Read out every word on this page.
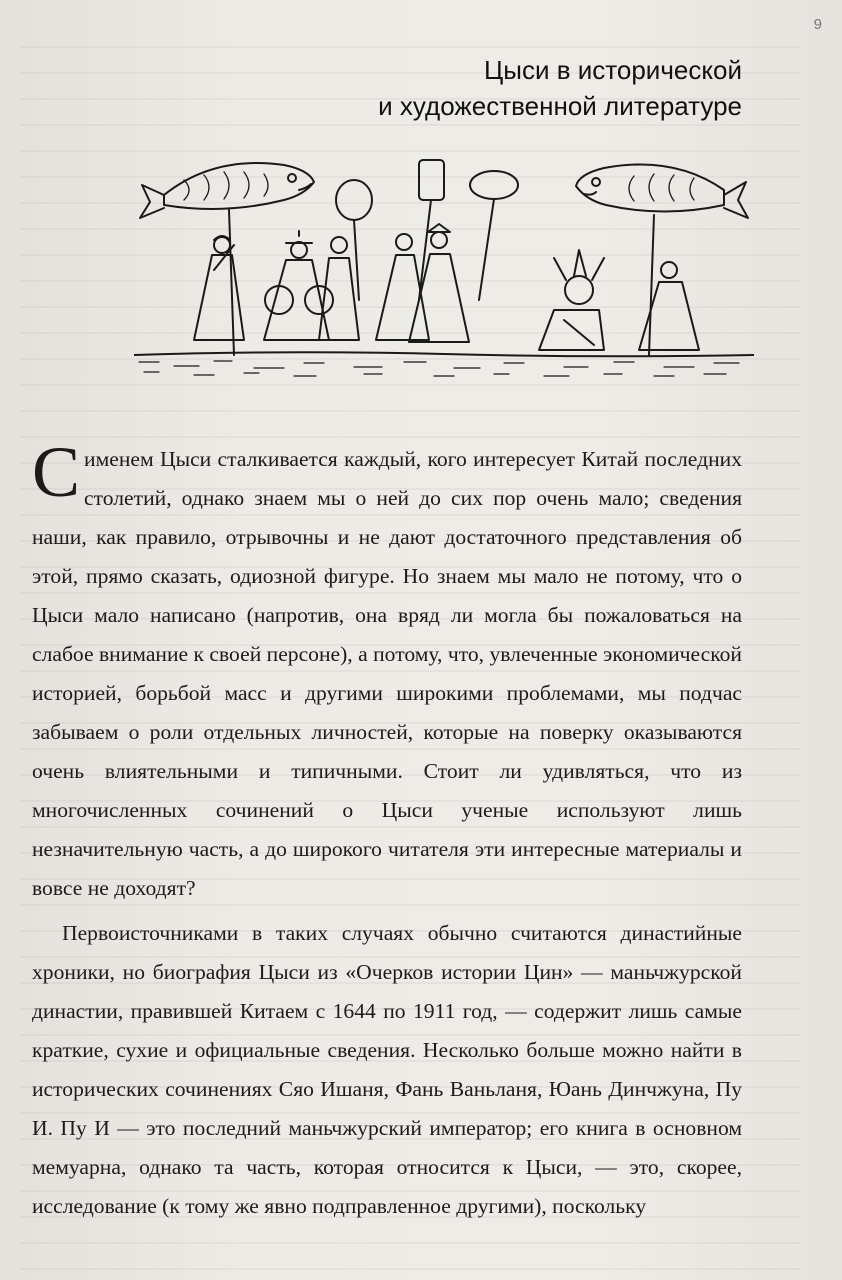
9
Цыси в исторической
и художественной литературе

Сименем Цыси сталкивается каждый, кого интересует Китай последних столетий, однако знаем мы о ней до сих пор очень мало; сведения наши, как правило, отрывочны и не дают достаточного представления об этой, прямо сказать, одиозной фигуре. Но знаем мы мало не потому, что о Цыси мало написано (напротив, она вряд ли могла бы пожаловаться на слабое внимание к своей персоне), а потому, что, увлеченные экономической историей, борьбой масс и другими широкими проблемами, мы подчас забываем о роли отдельных личностей, которые на поверку оказываются очень влиятельными и типичными. Стоит ли удивляться, что из многочисленных сочинений о Цыси ученые используют лишь незначительную часть, а до широкого читателя эти интересные материалы и вовсе не доходят?

Первоисточниками в таких случаях обычно считаются династийные хроники, но биография Цыси из «Очерков истории Цин» — маньчжурской династии, правившей Китаем с 1644 по 1911 год, — содержит лишь самые краткие, сухие и официальные сведения. Несколько больше можно найти в исторических сочинениях Сяо Ишаня, Фань Ваньланя, Юань Динчжуна, Пу И. Пу И — это последний маньчжурский император; его книга в основном мемуарна, однако та часть, которая относится к Цыси, — это, скорее, исследование (к тому же явно подправленное другими), поскольку
